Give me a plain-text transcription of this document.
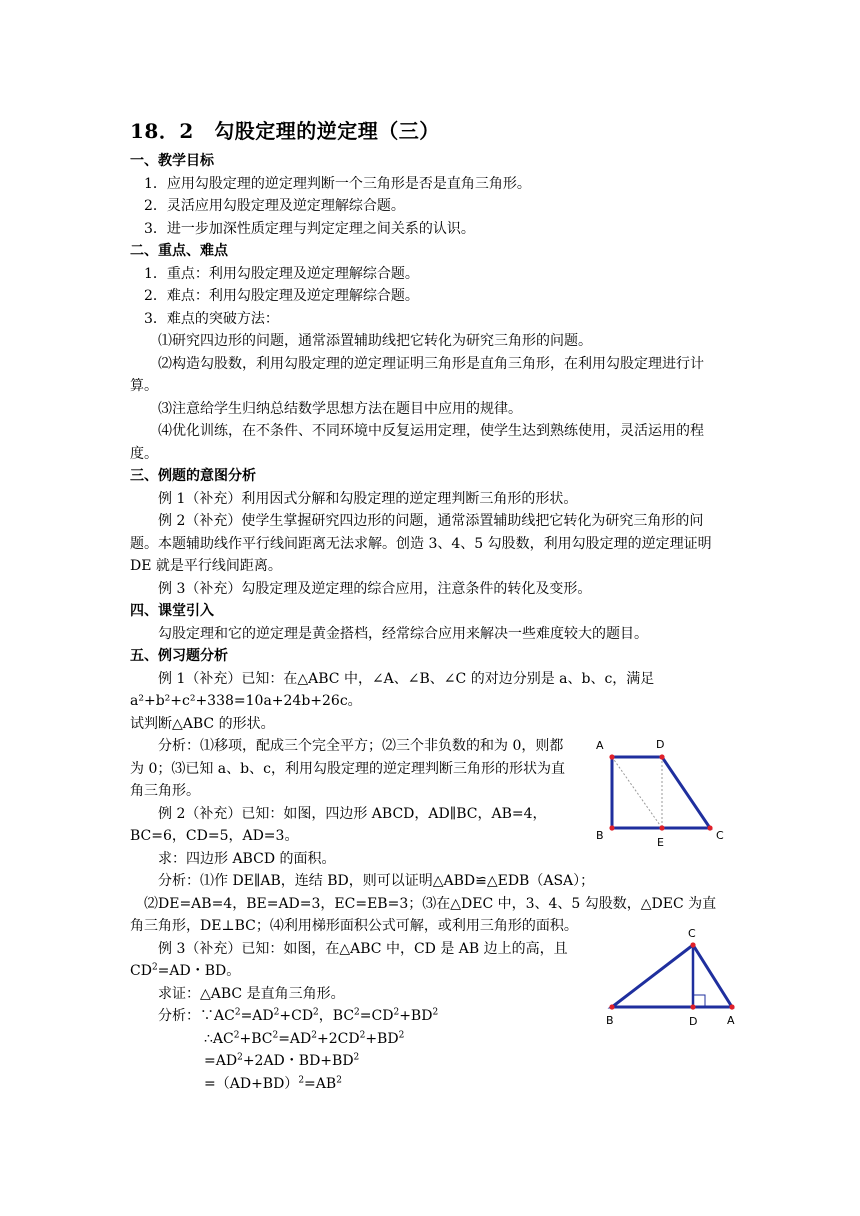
18．2　勾股定理的逆定理（三）

一、教学目标

1．应用勾股定理的逆定理判断一个三角形是否是直角三角形。

2．灵活应用勾股定理及逆定理解综合题。

3．进一步加深性质定理与判定定理之间关系的认识。

二、重点、难点

1．重点：利用勾股定理及逆定理解综合题。

2．难点：利用勾股定理及逆定理解综合题。

3．难点的突破方法：

⑴研究四边形的问题，通常添置辅助线把它转化为研究三角形的问题。

⑵构造勾股数，利用勾股定理的逆定理证明三角形是直角三角形，在利用勾股定理进行计算。

⑶注意给学生归纳总结数学思想方法在题目中应用的规律。

⑷优化训练，在不条件、不同环境中反复运用定理，使学生达到熟练使用，灵活运用的程度。

三、例题的意图分析

例 1（补充）利用因式分解和勾股定理的逆定理判断三角形的形状。

例 2（补充）使学生掌握研究四边形的问题，通常添置辅助线把它转化为研究三角形的问题。本题辅助线作平行线间距离无法求解。创造 3、4、5 勾股数，利用勾股定理的逆定理证明 DE 就是平行线间距离。

例 3（补充）勾股定理及逆定理的综合应用，注意条件的转化及变形。

四、课堂引入

勾股定理和它的逆定理是黄金搭档，经常综合应用来解决一些难度较大的题目。

五、例习题分析

例 1（补充）已知：在△ABC 中，∠A、∠B、∠C 的对边分别是 a、b、c，满足 a²+b²+c²+338=10a+24b+26c。

试判断△ABC 的形状。

分析：⑴移项，配成三个完全平方；⑵三个非负数的和为 0，则都为 0；⑶已知 a、b、c，利用勾股定理的逆定理判断三角形的形状为直角三角形。

例 2（补充）已知：如图，四边形 ABCD，AD∥BC，AB=4，BC=6，CD=5，AD=3。

求：四边形 ABCD 的面积。

分析：⑴作 DE∥AB，连结 BD，则可以证明△ABD≌△EDB（ASA）；

⑵DE=AB=4，BE=AD=3，EC=EB=3；⑶在△DEC 中，3、4、5 勾股数，△DEC 为直角三角形，DE⊥BC；⑷利用梯形面积公式可解，或利用三角形的面积。

例 3（补充）已知：如图，在△ABC 中，CD 是 AB 边上的高，且 $CD^2=AD$・BD。

求证：△ABC 是直角三角形。

分析：$\because AC^2=AD^2+CD^2$，$BC^2=CD^2+BD^2$

$\therefore AC^2+BC^2=AD^2+2CD^2+BD^2$

$=AD^2+2AD$・$BD+BD^2$

$=(AD+BD)^2=AB^2$

A	D
B
E
C
C
B	D	A
